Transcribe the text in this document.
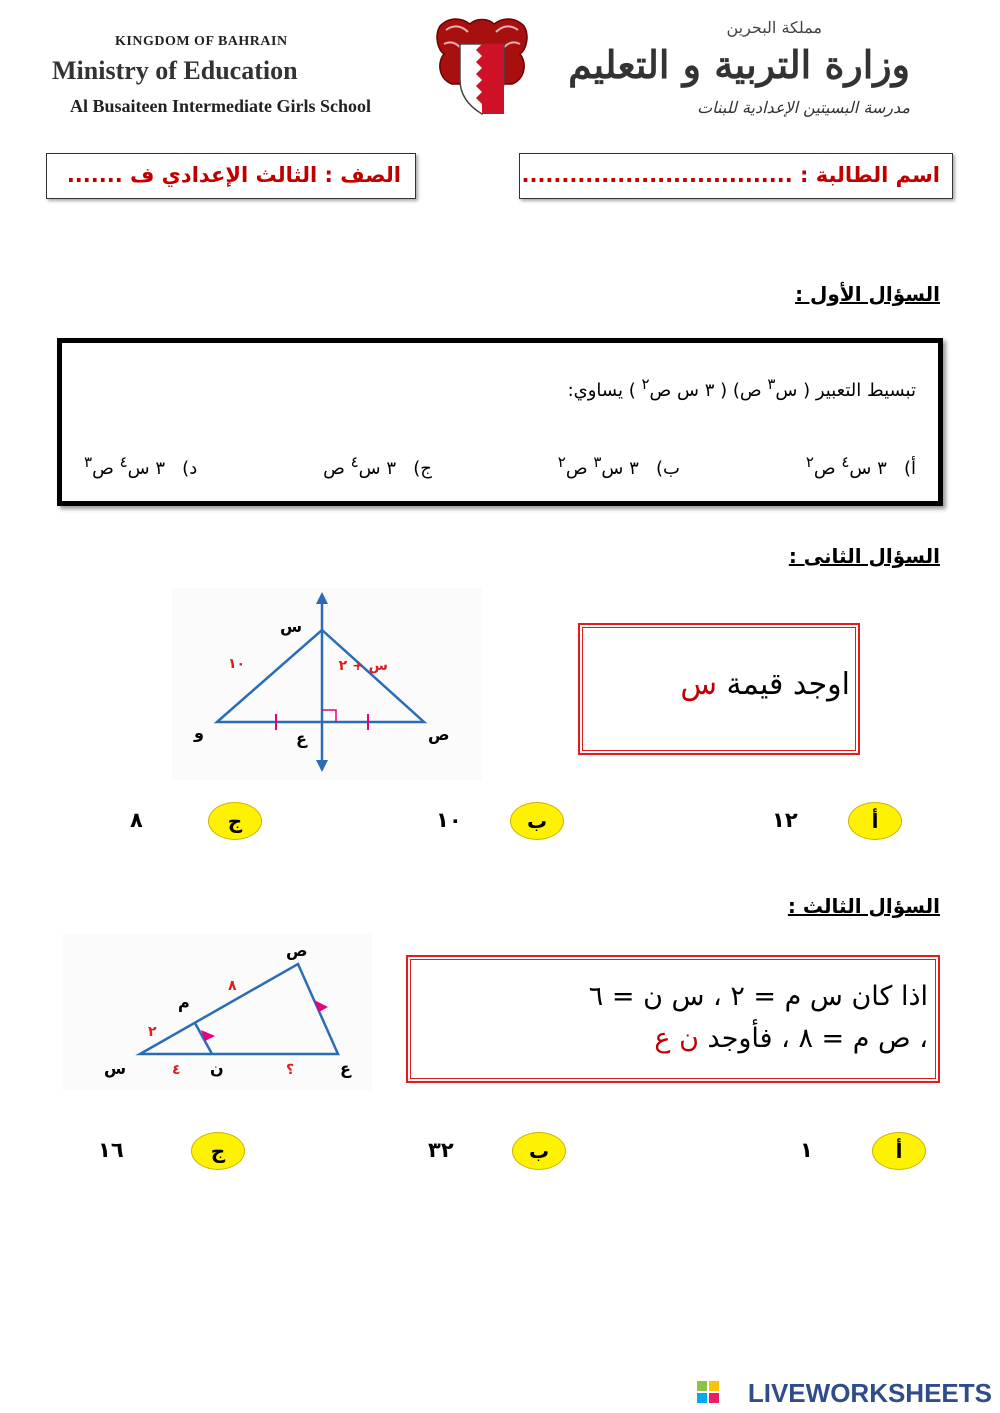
KINGDOM OF BAHRAIN
Ministry of Education
Al Busaiteen Intermediate Girls School
مملكة البحرين
وزارة التربية و التعليم
مدرسة البسيتين الإعدادية للبنات
اسم الطالبة : ..................................
الصف : الثالث الإعدادي ف .......
السؤال الأول :
تبسيط التعبير ( س$^٣$ ص) ( ٣ س ص$^٢$ ) يساوي:
أ)   ٣ س$^٤$ ص$^٢$
ب)   ٣ س$^٣$ ص$^٢$
ج)   ٣ س$^٤$ ص
د)   ٣ س$^٤$ ص$^٣$
السؤال الثانى :
س
و	ص
ع
١٠	س + ٢
اوجد قيمة س
أ
١٢
ب
١٠
ج
٨
السؤال الثالث :
ص
س	ع
ن
م
٢
٨
٤	؟
اذا كان س م = ٢ ، س ن = ٦
، ص م = ٨ ، فأوجد ن ع
أ
١
ب
٣٢
ج
١٦
LIVEWORKSHEETS
